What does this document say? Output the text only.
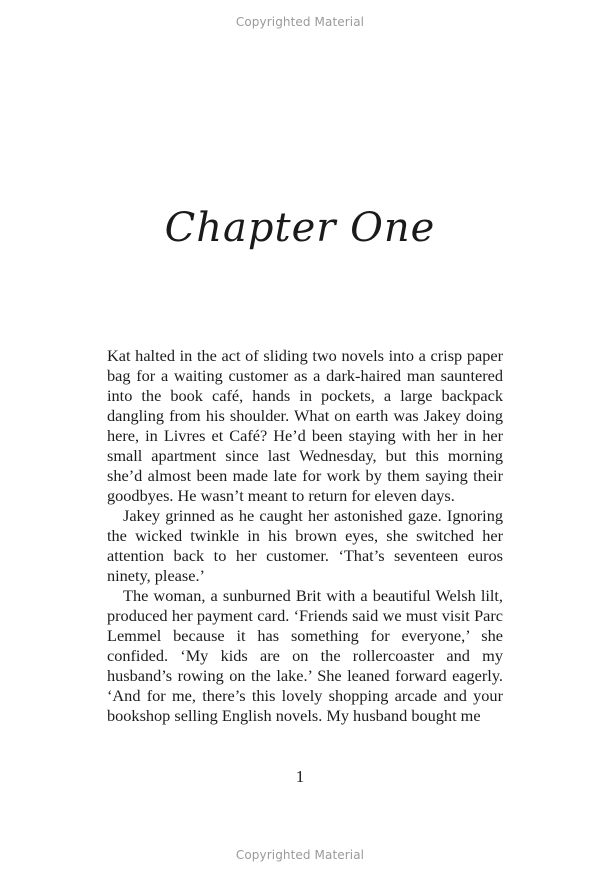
Copyrighted Material
Chapter One

Kat halted in the act of sliding two novels into a crisp paper bag for a waiting customer as a dark-haired man sauntered into the book café, hands in pockets, a large backpack dangling from his shoulder. What on earth was Jakey doing here, in Livres et Café? He’d been staying with her in her small apartment since last Wednesday, but this morning she’d almost been made late for work by them saying their goodbyes. He wasn’t meant to return for eleven days.

Jakey grinned as he caught her astonished gaze. Ignoring the wicked twinkle in his brown eyes, she switched her attention back to her customer. ‘That’s seventeen euros ninety, please.’

The woman, a sunburned Brit with a beautiful Welsh lilt, produced her payment card. ‘Friends said we must visit Parc Lemmel because it has something for everyone,’ she confided. ‘My kids are on the rollercoaster and my husband’s rowing on the lake.’ She leaned forward eagerly. ‘And for me, there’s this lovely shopping arcade and your bookshop selling English novels. My husband bought me

1
Copyrighted Material
